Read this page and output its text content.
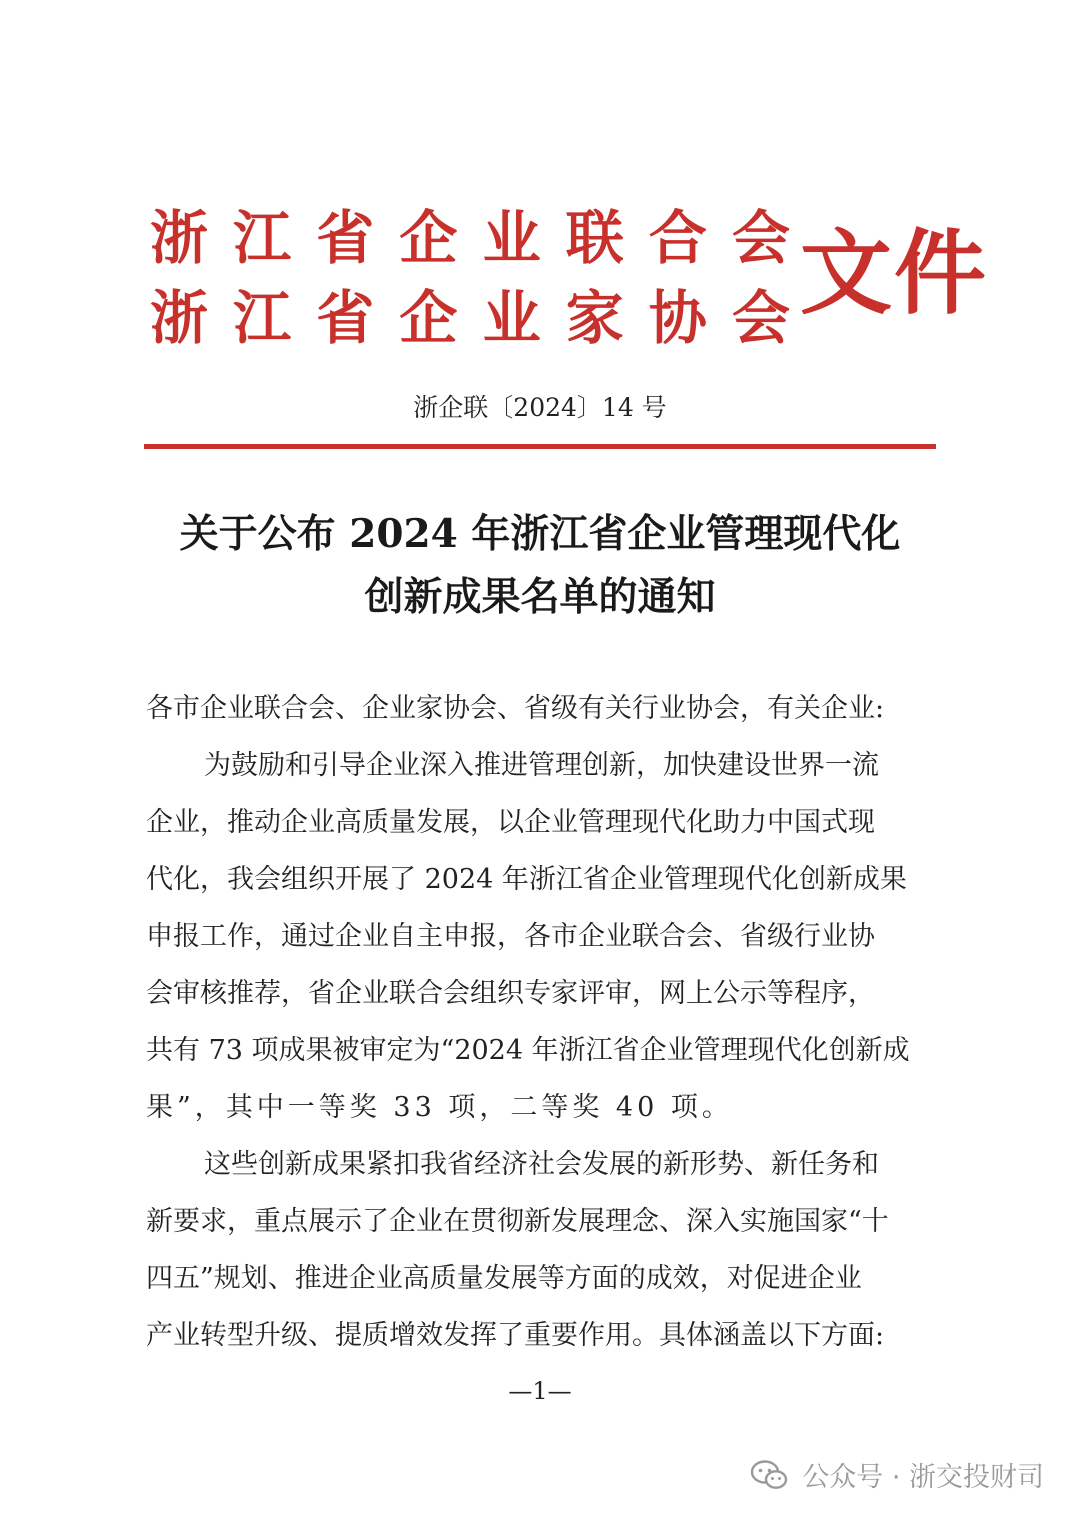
浙 江 省 企 业 联 合 会
浙 江 省 企 业 家 协 会 文件
浙企联〔2024〕14 号
关于公布 2024 年浙江省企业管理现代化
创新成果名单的通知
各市企业联合会、企业家协会、省级有关行业协会，有关企业:
为鼓励和引导企业深入推进管理创新，加快建设世界一流
企业，推动企业高质量发展，以企业管理现代化助力中国式现
代化，我会组织开展了 2024 年浙江省企业管理现代化创新成果
申报工作，通过企业自主申报，各市企业联合会、省级行业协
会审核推荐，省企业联合会组织专家评审，网上公示等程序，
共有 73 项成果被审定为“2024 年浙江省企业管理现代化创新成
果”，其中一等奖 33 项，二等奖 40 项。
这些创新成果紧扣我省经济社会发展的新形势、新任务和
新要求，重点展示了企业在贯彻新发展理念、深入实施国家“十
四五”规划、推进企业高质量发展等方面的成效，对促进企业
产业转型升级、提质增效发挥了重要作用。具体涵盖以下方面:
—1—
公众号 · 浙交投财司
